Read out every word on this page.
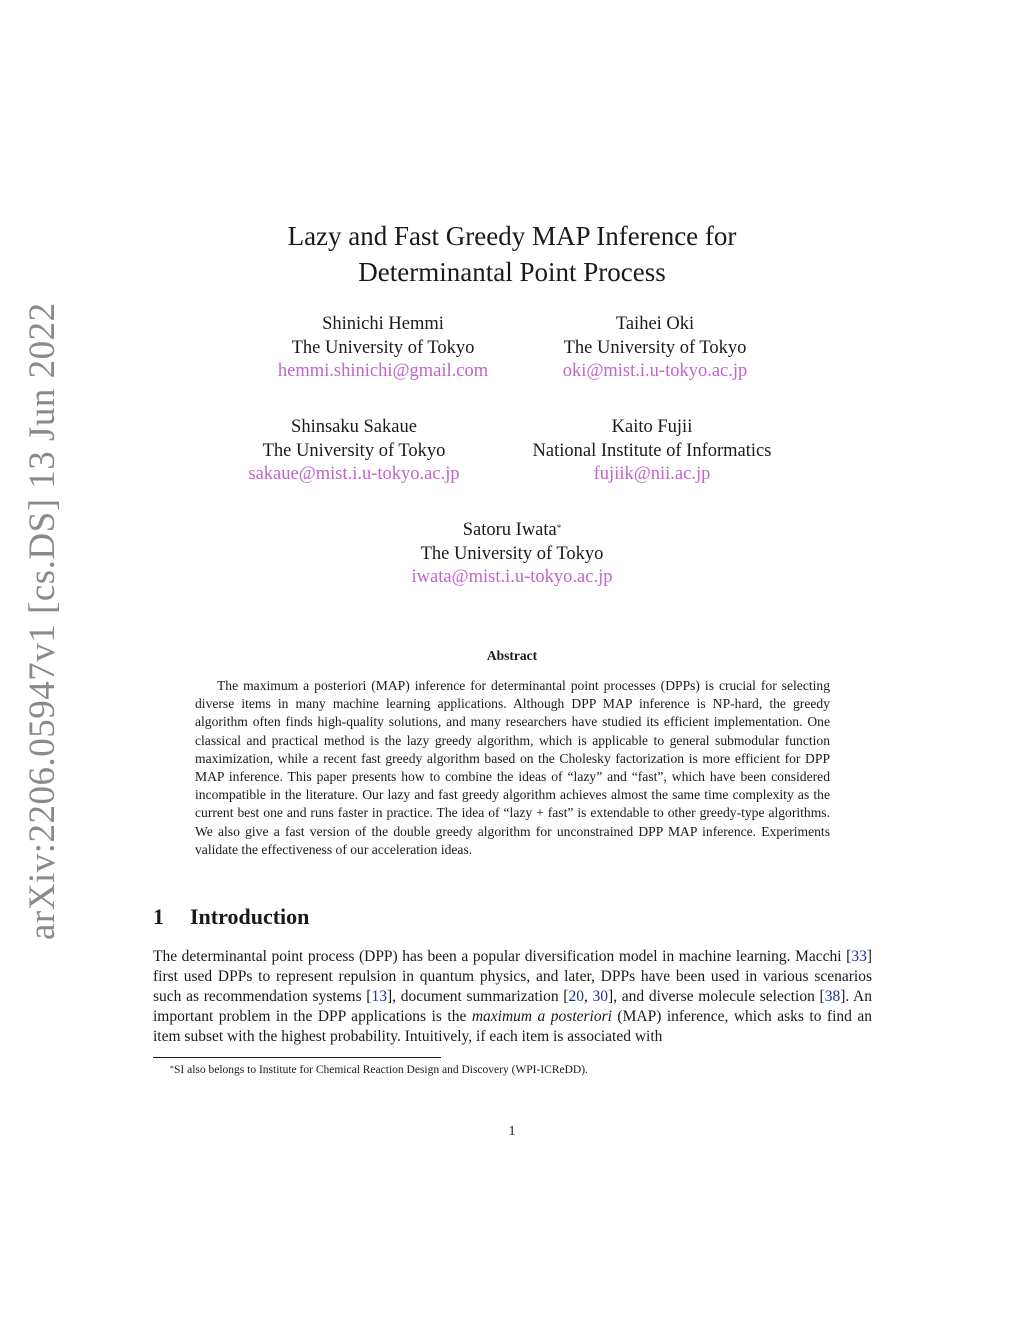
arXiv:2206.05947v1 [cs.DS] 13 Jun 2022
Lazy and Fast Greedy MAP Inference for
Determinantal Point Process
Shinichi Hemmi
The University of Tokyo
hemmi.shinichi@gmail.com
Taihei Oki
The University of Tokyo
oki@mist.i.u-tokyo.ac.jp
Shinsaku Sakaue
The University of Tokyo
sakaue@mist.i.u-tokyo.ac.jp
Kaito Fujii
National Institute of Informatics
fujiik@nii.ac.jp
Satoru Iwata*
The University of Tokyo
iwata@mist.i.u-tokyo.ac.jp
Abstract

The maximum a posteriori (MAP) inference for determinantal point processes (DPPs) is crucial for selecting diverse items in many machine learning applications. Although DPP MAP inference is NP-hard, the greedy algorithm often finds high-quality solutions, and many researchers have studied its efficient implementation. One classical and practical method is the lazy greedy algorithm, which is applicable to general submodular function maximization, while a recent fast greedy algorithm based on the Cholesky factorization is more efficient for DPP MAP inference. This paper presents how to combine the ideas of “lazy” and “fast”, which have been considered incompatible in the literature. Our lazy and fast greedy algorithm achieves almost the same time complexity as the current best one and runs faster in practice. The idea of “lazy + fast” is extendable to other greedy-type algorithms. We also give a fast version of the double greedy algorithm for unconstrained DPP MAP inference. Experiments validate the effectiveness of our acceleration ideas.

1 Introduction

The determinantal point process (DPP) has been a popular diversification model in machine learning. Macchi [33] first used DPPs to represent repulsion in quantum physics, and later, DPPs have been used in various scenarios such as recommendation systems [13], document summarization [20, 30], and diverse molecule selection [38]. An important problem in the DPP applications is the maximum a posteriori (MAP) inference, which asks to find an item subset with the highest probability. Intuitively, if each item is associated with

*SI also belongs to Institute for Chemical Reaction Design and Discovery (WPI-ICReDD).
1
